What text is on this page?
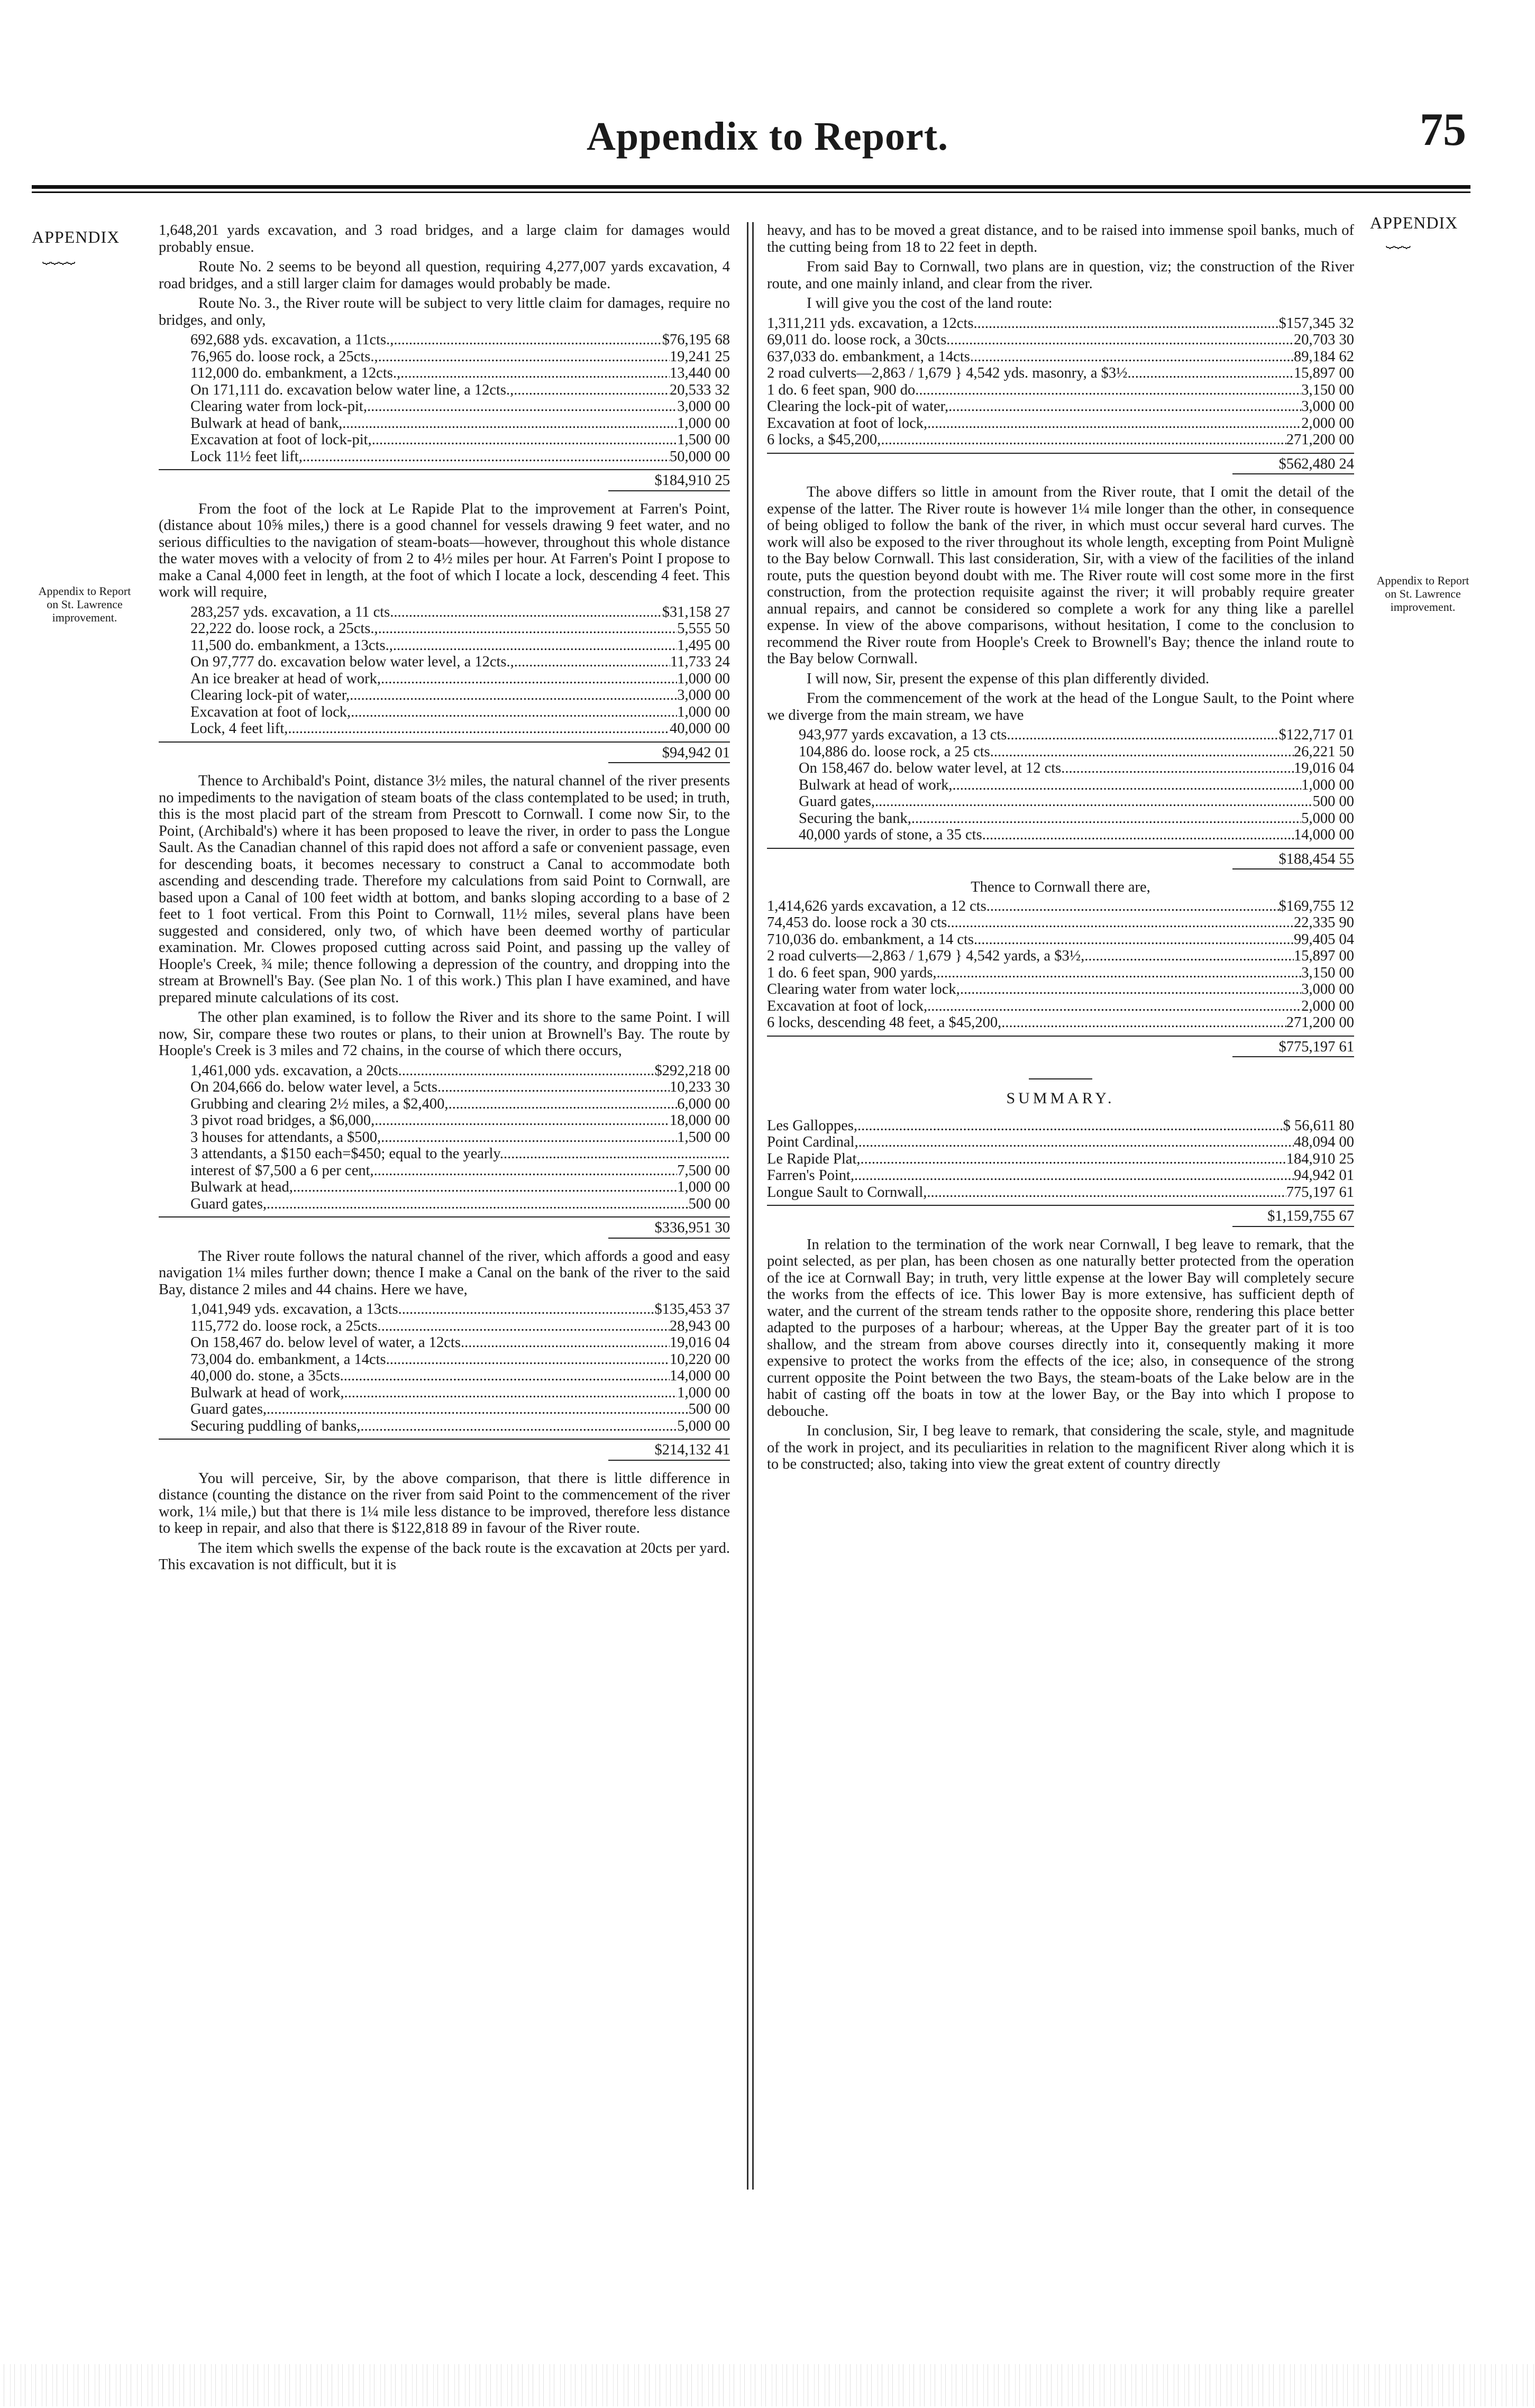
Appendix to Report.	75
APPENDIX
⏟⏟⏟⏟
APPENDIX
⏟⏟⏟
Appendix to Report on St. Lawrence improvement.
Appendix to Report on St. Lawrence improvement.

1,648,201 yards excavation, and 3 road bridges, and a large claim for damages would probably ensue.

Route No. 2 seems to be beyond all question, requiring 4,277,007 yards excavation, 4 road bridges, and a still larger claim for damages would probably be made.

Route No. 3., the River route will be subject to very little claim for damages, require no bridges, and only,

692,688 yds. excavation, a 11cts., .....	$76,195 68
76,965 do. loose rock, a 25cts., .....	19,241 25
112,000 do. embankment, a 12cts., .....	13,440 00
On 171,111 do. excavation below water line, a 12cts., .....	20,533 32
Clearing water from lock-pit, .....	3,000 00
Bulwark at head of bank, .....	1,000 00
Excavation at foot of lock-pit, .....	1,500 00
Lock 11½ feet lift, .....	50,000 00
$184,910 25

From the foot of the lock at Le Rapide Plat to the improvement at Farren's Point, (distance about 10⅝ miles,) there is a good channel for vessels drawing 9 feet water, and no serious difficulties to the navigation of steam-boats—however, throughout this whole distance the water moves with a velocity of from 2 to 4½ miles per hour. At Farren's Point I propose to make a Canal 4,000 feet in length, at the foot of which I locate a lock, descending 4 feet. This work will require,

283,257 yds. excavation, a 11 cts. .....	$31,158 27
22,222 do. loose rock, a 25cts., .....	5,555 50
11,500 do. embankment, a 13cts., .....	1,495 00
On 97,777 do. excavation below water level, a 12cts., .....	11,733 24
An ice breaker at head of work, .....	1,000 00
Clearing lock-pit of water, .....	3,000 00
Excavation at foot of lock, .....	1,000 00
Lock, 4 feet lift, .....	40,000 00
$94,942 01

Thence to Archibald's Point, distance 3½ miles, the natural channel of the river presents no impediments to the navigation of steam boats of the class contemplated to be used; in truth, this is the most placid part of the stream from Prescott to Cornwall. I come now Sir, to the Point, (Archibald's) where it has been proposed to leave the river, in order to pass the Longue Sault. As the Canadian channel of this rapid does not afford a safe or convenient passage, even for descending boats, it becomes necessary to construct a Canal to accommodate both ascending and descending trade. Therefore my calculations from said Point to Cornwall, are based upon a Canal of 100 feet width at bottom, and banks sloping according to a base of 2 feet to 1 foot vertical. From this Point to Cornwall, 11½ miles, several plans have been suggested and considered, only two, of which have been deemed worthy of particular examination. Mr. Clowes proposed cutting across said Point, and passing up the valley of Hoople's Creek, ¾ mile; thence following a depression of the country, and dropping into the stream at Brownell's Bay. (See plan No. 1 of this work.) This plan I have examined, and have prepared minute calculations of its cost.

The other plan examined, is to follow the River and its shore to the same Point. I will now, Sir, compare these two routes or plans, to their union at Brownell's Bay. The route by Hoople's Creek is 3 miles and 72 chains, in the course of which there occurs,

1,461,000 yds. excavation, a 20cts. .....	$292,218 00
On 204,666 do. below water level, a 5cts. .....	10,233 30
Grubbing and clearing 2½ miles, a $2,400, .....	6,000 00
3 pivot road bridges, a $6,000, .....	18,000 00
3 houses for attendants, a $500, .....	1,500 00
3 attendants, a $150 each=$450; equal to the yearly .....
interest of $7,500 a 6 per cent, .....	7,500 00
Bulwark at head, .....	1,000 00
Guard gates, .....	500 00
$336,951 30

The River route follows the natural channel of the river, which affords a good and easy navigation 1¼ miles further down; thence I make a Canal on the bank of the river to the said Bay, distance 2 miles and 44 chains. Here we have,

1,041,949 yds. excavation, a 13cts. .....	$135,453 37
115,772 do. loose rock, a 25cts. .....	28,943 00
On 158,467 do. below level of water, a 12cts. .....	19,016 04
73,004 do. embankment, a 14cts. .....	10,220 00
40,000 do. stone, a 35cts. .....	14,000 00
Bulwark at head of work, .....	1,000 00
Guard gates, .....	500 00
Securing puddling of banks, .....	5,000 00
$214,132 41

You will perceive, Sir, by the above comparison, that there is little difference in distance (counting the distance on the river from said Point to the commencement of the river work, 1¼ mile,) but that there is 1¼ mile less distance to be improved, therefore less distance to keep in repair, and also that there is $122,818 89 in favour of the River route.

The item which swells the expense of the back route is the excavation at 20cts per yard. This excavation is not difficult, but it is

heavy, and has to be moved a great distance, and to be raised into immense spoil banks, much of the cutting being from 18 to 22 feet in depth.

From said Bay to Cornwall, two plans are in question, viz; the construction of the River route, and one mainly inland, and clear from the river.

I will give you the cost of the land route:

1,311,211 yds. excavation, a 12cts. .....	$157,345 32
69,011 do. loose rock, a 30cts. .....	20,703 30
637,033 do. embankment, a 14cts. .....	89,184 62
2 road culverts—2,863 / 1,679 } 4,542 yds. masonry, a $3½ .....	15,897 00
1 do. 6 feet span, 900 do. .....	3,150 00
Clearing the lock-pit of water, .....	3,000 00
Excavation at foot of lock, .....	2,000 00
6 locks, a $45,200, .....	271,200 00
$562,480 24

The above differs so little in amount from the River route, that I omit the detail of the expense of the latter. The River route is however 1¼ mile longer than the other, in consequence of being obliged to follow the bank of the river, in which must occur several hard curves. The work will also be exposed to the river throughout its whole length, excepting from Point Mulignè to the Bay below Cornwall. This last consideration, Sir, with a view of the facilities of the inland route, puts the question beyond doubt with me. The River route will cost some more in the first construction, from the protection requisite against the river; it will probably require greater annual repairs, and cannot be considered so complete a work for any thing like a parellel expense. In view of the above comparisons, without hesitation, I come to the conclusion to recommend the River route from Hoople's Creek to Brownell's Bay; thence the inland route to the Bay below Cornwall.

I will now, Sir, present the expense of this plan differently divided.

From the commencement of the work at the head of the Longue Sault, to the Point where we diverge from the main stream, we have

943,977 yards excavation, a 13 cts. .....	$122,717 01
104,886 do. loose rock, a 25 cts. .....	26,221 50
On 158,467 do. below water level, at 12 cts. .....	19,016 04
Bulwark at head of work, .....	1,000 00
Guard gates, .....	500 00
Securing the bank, .....	5,000 00
40,000 yards of stone, a 35 cts. .....	14,000 00
$188,454 55

Thence to Cornwall there are,

1,414,626 yards excavation, a 12 cts. .....	$169,755 12
74,453 do. loose rock a 30 cts. .....	22,335 90
710,036 do. embankment, a 14 cts. .....	99,405 04
2 road culverts—2,863 / 1,679 } 4,542 yards, a $3½, .....	15,897 00
1 do. 6 feet span, 900 yards, .....	3,150 00
Clearing water from water lock, .....	3,000 00
Excavation at foot of lock, .....	2,000 00
6 locks, descending 48 feet, a $45,200, .....	271,200 00
$775,197 61
SUMMARY.
Les Galloppes, .....	$ 56,611 80
Point Cardinal, .....	48,094 00
Le Rapide Plat, .....	184,910 25
Farren's Point, .....	94,942 01
Longue Sault to Cornwall, .....	775,197 61
$1,159,755 67

In relation to the termination of the work near Cornwall, I beg leave to remark, that the point selected, as per plan, has been chosen as one naturally better protected from the operation of the ice at Cornwall Bay; in truth, very little expense at the lower Bay will completely secure the works from the effects of ice. This lower Bay is more extensive, has sufficient depth of water, and the current of the stream tends rather to the opposite shore, rendering this place better adapted to the purposes of a harbour; whereas, at the Upper Bay the greater part of it is too shallow, and the stream from above courses directly into it, consequently making it more expensive to protect the works from the effects of the ice; also, in consequence of the strong current opposite the Point between the two Bays, the steam-boats of the Lake below are in the habit of casting off the boats in tow at the lower Bay, or the Bay into which I propose to debouche.

In conclusion, Sir, I beg leave to remark, that considering the scale, style, and magnitude of the work in project, and its peculiarities in relation to the magnificent River along which it is to be constructed; also, taking into view the great extent of country directly
